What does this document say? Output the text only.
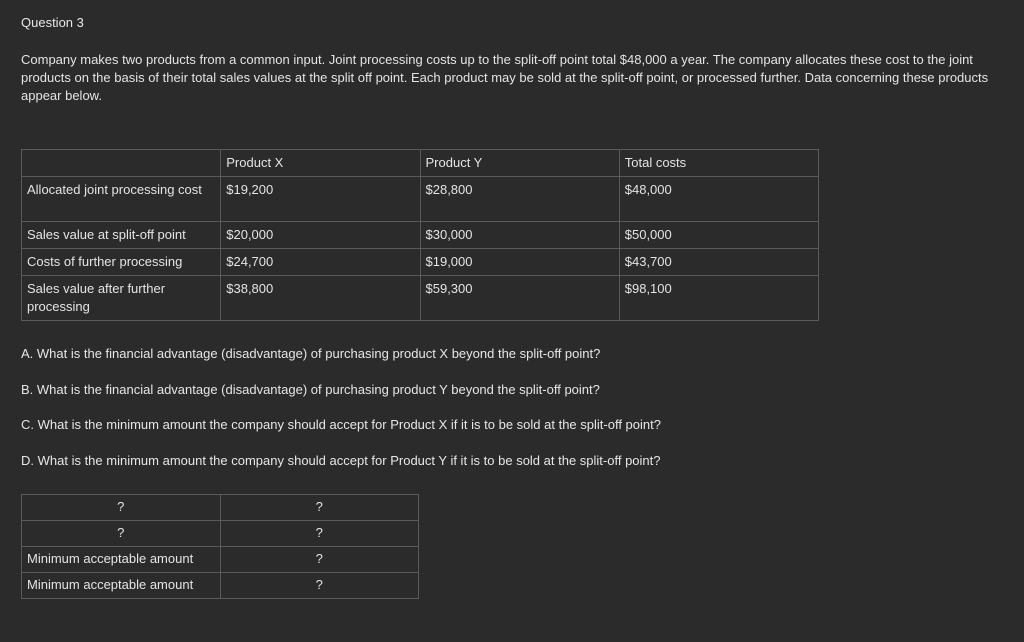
Question 3
Company makes two products from a common input. Joint processing costs up to the split-off point total $48,000 a year. The company allocates these cost to the joint products on the basis of their total sales values at the split off point. Each product may be sold at the split-off point, or processed further. Data concerning these products appear below.
	Product X	Product Y	Total costs
Allocated joint processing cost	$19,200	$28,800	$48,000
Sales value at split-off point	$20,000	$30,000	$50,000
Costs of further processing	$24,700	$19,000	$43,700
Sales value after further processing	$38,800	$59,300	$98,100

A. What is the financial advantage (disadvantage) of purchasing product X beyond the split-off point?

B. What is the financial advantage (disadvantage) of purchasing product Y beyond the split-off point?

C. What is the minimum amount the company should accept for Product X if it is to be sold at the split-off point?

D. What is the minimum amount the company should accept for Product Y if it is to be sold at the split-off point?

?	?
?	?
Minimum acceptable amount	?
Minimum acceptable amount	?
